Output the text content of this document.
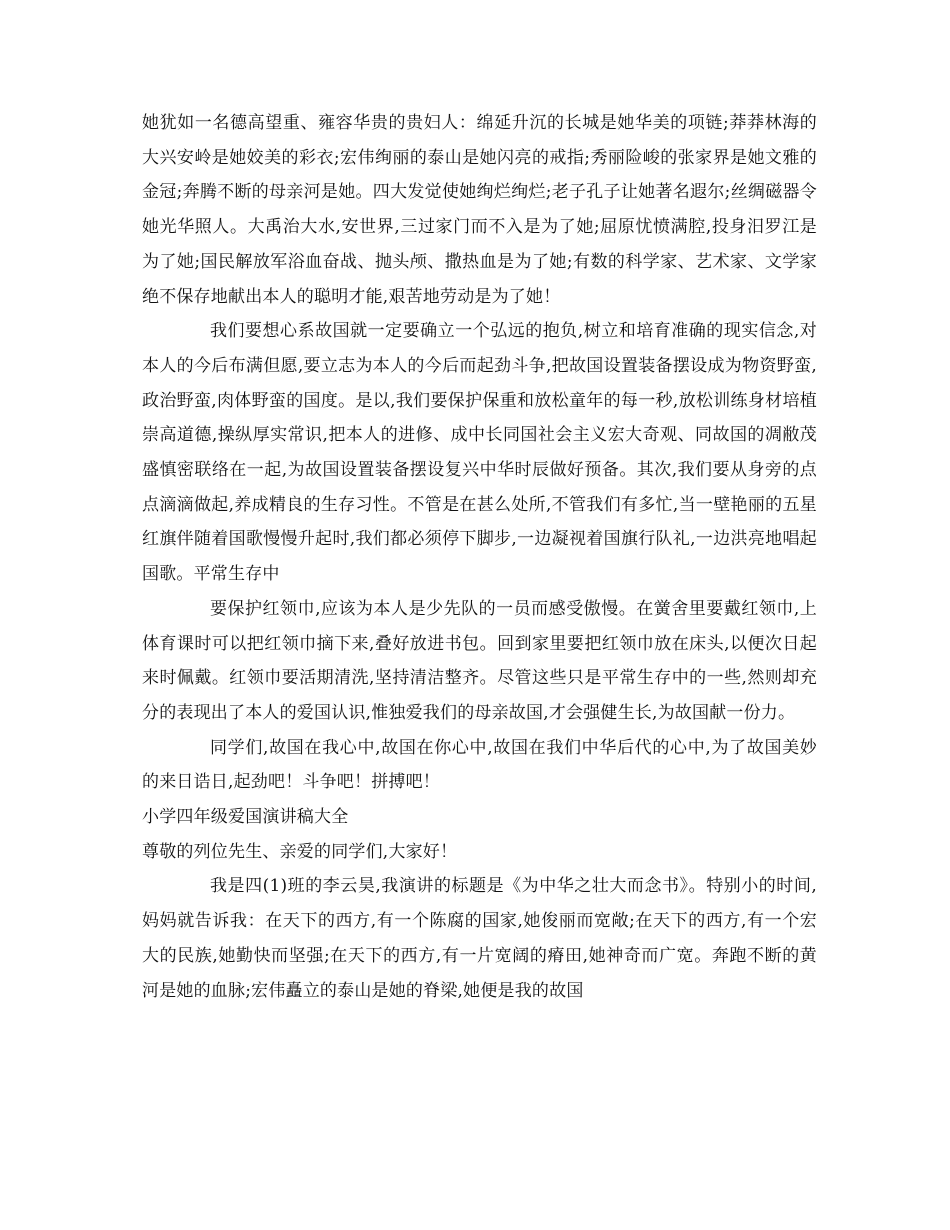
她犹如一名德高望重、雍容华贵的贵妇人：绵延升沉的长城是她华美的项链;莽莽林海的大兴安岭是她姣美的彩衣;宏伟绚丽的泰山是她闪亮的戒指;秀丽险峻的张家界是她文雅的金冠;奔腾不断的母亲河是她。四大发觉使她绚烂绚烂;老子孔子让她著名遐尔;丝绸磁器令她光华照人。大禹治大水,安世界,三过家门而不入是为了她;屈原忧愤满腔,投身汨罗江是为了她;国民解放军浴血奋战、抛头颅、撒热血是为了她;有数的科学家、艺术家、文学家绝不保存地献出本人的聪明才能,艰苦地劳动是为了她！

我们要想心系故国就一定要确立一个弘远的抱负,树立和培育准确的现实信念,对本人的今后布满但愿,要立志为本人的今后而起劲斗争,把故国设置装备摆设成为物资野蛮,政治野蛮,肉体野蛮的国度。是以,我们要保护保重和放松童年的每一秒,放松训练身材培植崇高道德,操纵厚实常识,把本人的进修、成中长同国社会主义宏大奇观、同故国的凋敝茂盛慎密联络在一起,为故国设置装备摆设复兴中华时辰做好预备。其次,我们要从身旁的点点滴滴做起,养成精良的生存习性。不管是在甚么处所,不管我们有多忙,当一壁艳丽的五星红旗伴随着国歌慢慢升起时,我们都必须停下脚步,一边凝视着国旗行队礼,一边洪亮地唱起国歌。平常生存中

要保护红领巾,应该为本人是少先队的一员而感受傲慢。在黉舍里要戴红领巾,上体育课时可以把红领巾摘下来,叠好放进书包。回到家里要把红领巾放在床头,以便次日起来时佩戴。红领巾要活期清洗,坚持清洁整齐。尽管这些只是平常生存中的一些,然则却充分的表现出了本人的爱国认识,惟独爱我们的母亲故国,才会强健生长,为故国献一份力。

同学们,故国在我心中,故国在你心中,故国在我们中华后代的心中,为了故国美妙的来日诰日,起劲吧！斗争吧！拼搏吧！

小学四年级爱国演讲稿大全

尊敬的列位先生、亲爱的同学们,大家好！

我是四(1)班的李云昊,我演讲的标题是《为中华之壮大而念书》。特别小的时间,妈妈就告诉我：在天下的西方,有一个陈腐的国家,她俊丽而宽敞;在天下的西方,有一个宏大的民族,她勤快而坚强;在天下的西方,有一片宽阔的瘠田,她神奇而广宽。奔跑不断的黄河是她的血脉;宏伟矗立的泰山是她的脊梁,她便是我的故国
